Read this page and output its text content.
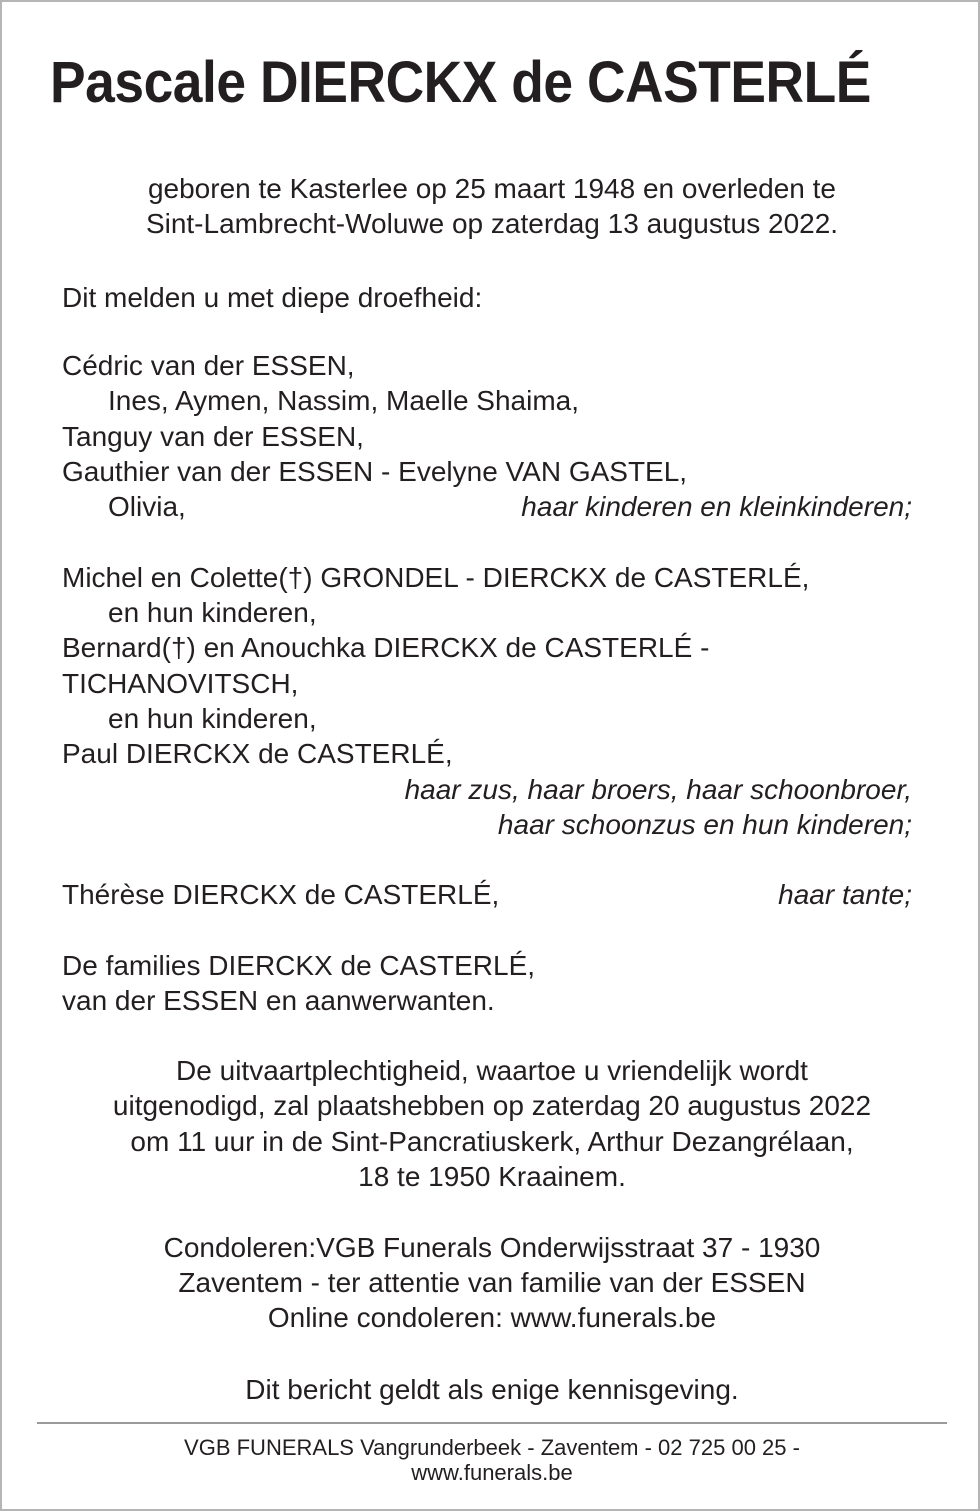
Pascale DIERCKX de CASTERLÉ
geboren te Kasterlee op 25 maart 1948 en overleden te
Sint-Lambrecht-Woluwe op zaterdag 13 augustus 2022.
Dit melden u met diepe droefheid:
Cédric van der ESSEN,
Ines, Aymen, Nassim, Maelle Shaima,
Tanguy van der ESSEN,
Gauthier van der ESSEN - Evelyne VAN GASTEL,
Olivia,	haar kinderen en kleinkinderen;
Michel en Colette(†) GRONDEL - DIERCKX de CASTERLÉ,
en hun kinderen,
Bernard(†) en Anouchka DIERCKX de CASTERLÉ -
TICHANOVITSCH,
en hun kinderen,
Paul DIERCKX de CASTERLÉ,
haar zus, haar broers, haar schoonbroer,
haar schoonzus en hun kinderen;
Thérèse DIERCKX de CASTERLÉ,	haar tante;
De families DIERCKX de CASTERLÉ,
van der ESSEN en aanwerwanten.
De uitvaartplechtigheid, waartoe u vriendelijk wordt
uitgenodigd, zal plaatshebben op zaterdag 20 augustus 2022
om 11 uur in de Sint-Pancratiuskerk, Arthur Dezangrélaan,
18 te 1950 Kraainem.
Condoleren:VGB Funerals Onderwijsstraat 37 - 1930
Zaventem - ter attentie van familie van der ESSEN
Online condoleren: www.funerals.be
Dit bericht geldt als enige kennisgeving.
VGB FUNERALS Vangrunderbeek - Zaventem - 02 725 00 25 -
www.funerals.be
